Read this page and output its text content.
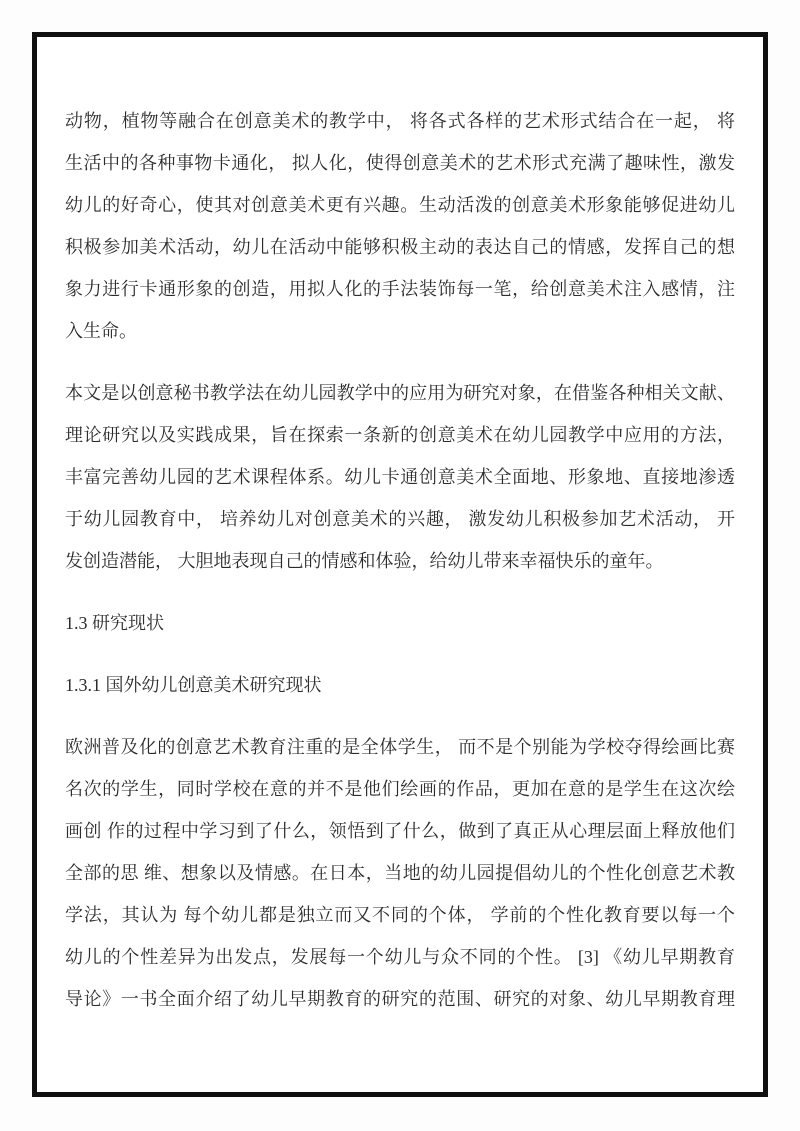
动物，植物等融合在创意美术的教学中， 将各式各样的艺术形式结合在一起， 将
生活中的各种事物卡通化， 拟人化，使得创意美术的艺术形式充满了趣味性，激发
幼儿的好奇心，使其对创意美术更有兴趣。生动活泼的创意美术形象能够促进幼儿
积极参加美术活动，幼儿在活动中能够积极主动的表达自己的情感，发挥自己的想
象力进行卡通形象的创造，用拟人化的手法装饰每一笔，给创意美术注入感情，注
入生命。
本文是以创意秘书教学法在幼儿园教学中的应用为研究对象，在借鉴各种相关文献、
理论研究以及实践成果，旨在探索一条新的创意美术在幼儿园教学中应用的方法，
丰富完善幼儿园的艺术课程体系。幼儿卡通创意美术全面地、形象地、直接地渗透
于幼儿园教育中， 培养幼儿对创意美术的兴趣， 激发幼儿积极参加艺术活动， 开
发创造潜能， 大胆地表现自己的情感和体验，给幼儿带来幸福快乐的童年。
1.3 研究现状
1.3.1 国外幼儿创意美术研究现状
欧洲普及化的创意艺术教育注重的是全体学生， 而不是个别能为学校夺得绘画比赛
名次的学生，同时学校在意的并不是他们绘画的作品，更加在意的是学生在这次绘
画创 作的过程中学习到了什么，领悟到了什么，做到了真正从心理层面上释放他们
全部的思 维、想象以及情感。在日本，当地的幼儿园提倡幼儿的个性化创意艺术教
学法，其认为 每个幼儿都是独立而又不同的个体， 学前的个性化教育要以每一个
幼儿的个性差异为出发点，发展每一个幼儿与众不同的个性。 [3] 《幼儿早期教育
导论》一书全面介绍了幼儿早期教育的研究的范围、研究的对象、幼儿早期教育理
